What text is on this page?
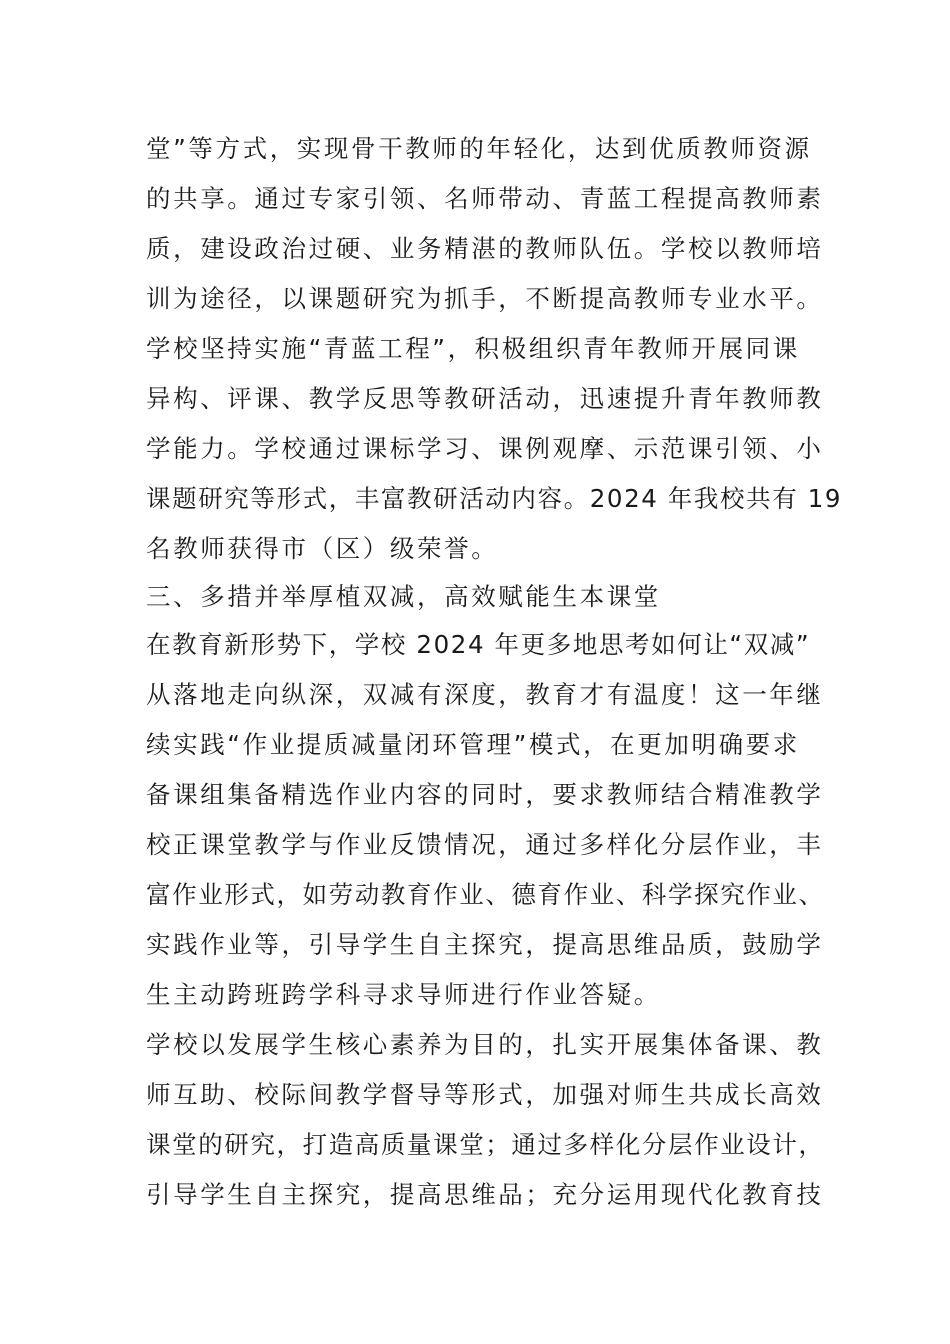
堂”等方式，实现骨干教师的年轻化，达到优质教师资源
的共享。通过专家引领、名师带动、青蓝工程提高教师素
质，建设政治过硬、业务精湛的教师队伍。学校以教师培
训为途径，以课题研究为抓手，不断提高教师专业水平。
学校坚持实施“青蓝工程”，积极组织青年教师开展同课
异构、评课、教学反思等教研活动，迅速提升青年教师教
学能力。学校通过课标学习、课例观摩、示范课引领、小
课题研究等形式，丰富教研活动内容。2024 年我校共有 19
名教师获得市（区）级荣誉。
三、多措并举厚植双减，高效赋能生本课堂
在教育新形势下，学校 2024 年更多地思考如何让“双减”
从落地走向纵深，双减有深度，教育才有温度！这一年继
续实践“作业提质减量闭环管理”模式，在更加明确要求
备课组集备精选作业内容的同时，要求教师结合精准教学
校正课堂教学与作业反馈情况，通过多样化分层作业，丰
富作业形式，如劳动教育作业、德育作业、科学探究作业、
实践作业等，引导学生自主探究，提高思维品质，鼓励学
生主动跨班跨学科寻求导师进行作业答疑。
学校以发展学生核心素养为目的，扎实开展集体备课、教
师互助、校际间教学督导等形式，加强对师生共成长高效
课堂的研究，打造高质量课堂；通过多样化分层作业设计，
引导学生自主探究，提高思维品；充分运用现代化教育技
